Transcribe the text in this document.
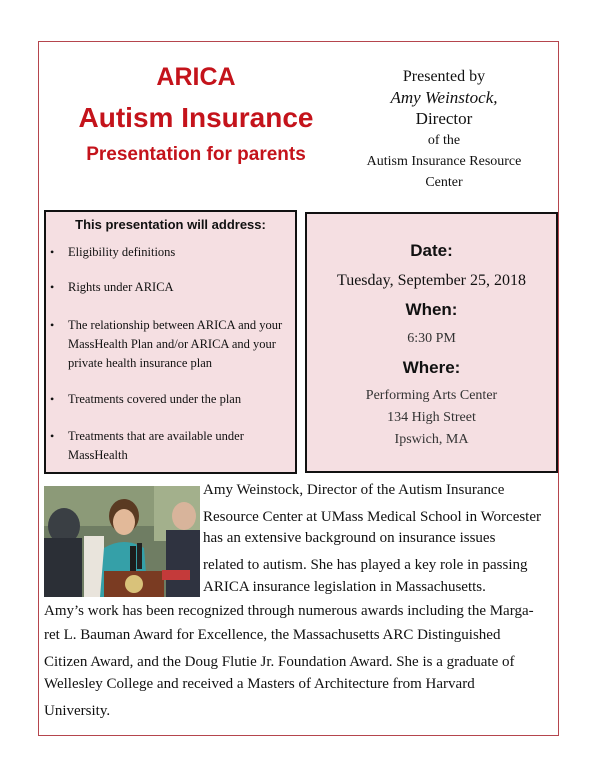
ARICA
Autism Insurance
Presentation for parents
Presented by
Amy Weinstock,
Director
of the
Autism Insurance Resource
Center
This presentation will address:
• Eligibility definitions
• Rights under ARICA
• The relationship between ARICA and your MassHealth Plan and/or ARICA and your private health insurance plan
• Treatments covered under the plan
• Treatments that are available under MassHealth
Date:
Tuesday, September 25, 2018
When:
6:30 PM
Where:
Performing Arts Center
134 High Street
Ipswich, MA
Amy Weinstock, Director of the Autism Insurance
Resource Center at UMass Medical School in Worcester
has an extensive background on insurance issues
related to autism. She has played a key role in passing
ARICA insurance legislation in Massachusetts.
Amy’s work has been recognized through numerous awards including the Marga-
ret L. Bauman Award for Excellence, the Massachusetts ARC Distinguished
Citizen Award, and the Doug Flutie Jr. Foundation Award. She is a graduate of
Wellesley College and received a Masters of Architecture from Harvard
University.
